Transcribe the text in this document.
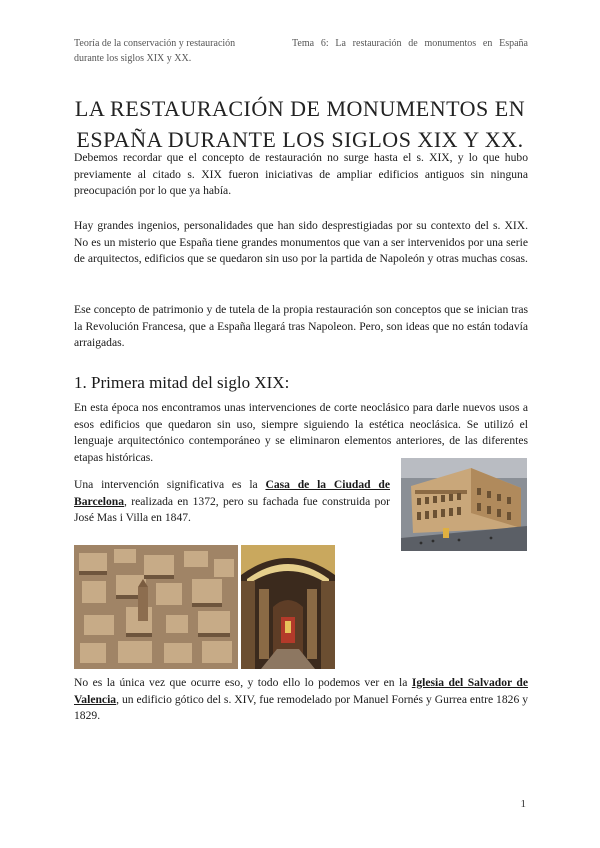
Teoría de la conservación y restauración durante los siglos XIX y XX.
Tema 6: La restauración de monumentos en España
LA RESTAURACIÓN DE MONUMENTOS EN ESPAÑA DURANTE LOS SIGLOS XIX Y XX.

Debemos recordar que el concepto de restauración no surge hasta el s. XIX, y lo que hubo previamente al citado s. XIX fueron iniciativas de ampliar edificios antiguos sin ninguna preocupación por lo que ya había.

Hay grandes ingenios, personalidades que han sido desprestigiadas por su contexto del s. XIX. No es un misterio que España tiene grandes monumentos que van a ser intervenidos por una serie de arquitectos, edificios que se quedaron sin uso por la partida de Napoleón y otras muchas cosas.

Ese concepto de patrimonio y de tutela de la propia restauración son conceptos que se inician tras la Revolución Francesa, que a España llegará tras Napoleon. Pero, son ideas que no están todavía arraigadas.

1. Primera mitad del siglo XIX:

En esta época nos encontramos unas intervenciones de corte neoclásico para darle nuevos usos a esos edificios que quedaron sin uso, siempre siguiendo la estética neoclásica. Se utilizó el lenguaje arquitectónico contemporáneo y se eliminaron elementos anteriores, de las diferentes etapas históricas.

Una intervención significativa es la Casa de la Ciudad de Barcelona, realizada en 1372, pero su fachada fue construida por José Mas i Villa en 1847.

No es la única vez que ocurre eso, y todo ello lo podemos ver en la Iglesia del Salvador de Valencia, un edificio gótico del s. XIV, fue remodelado por Manuel Fornés y Gurrea entre 1826 y 1829.

1
